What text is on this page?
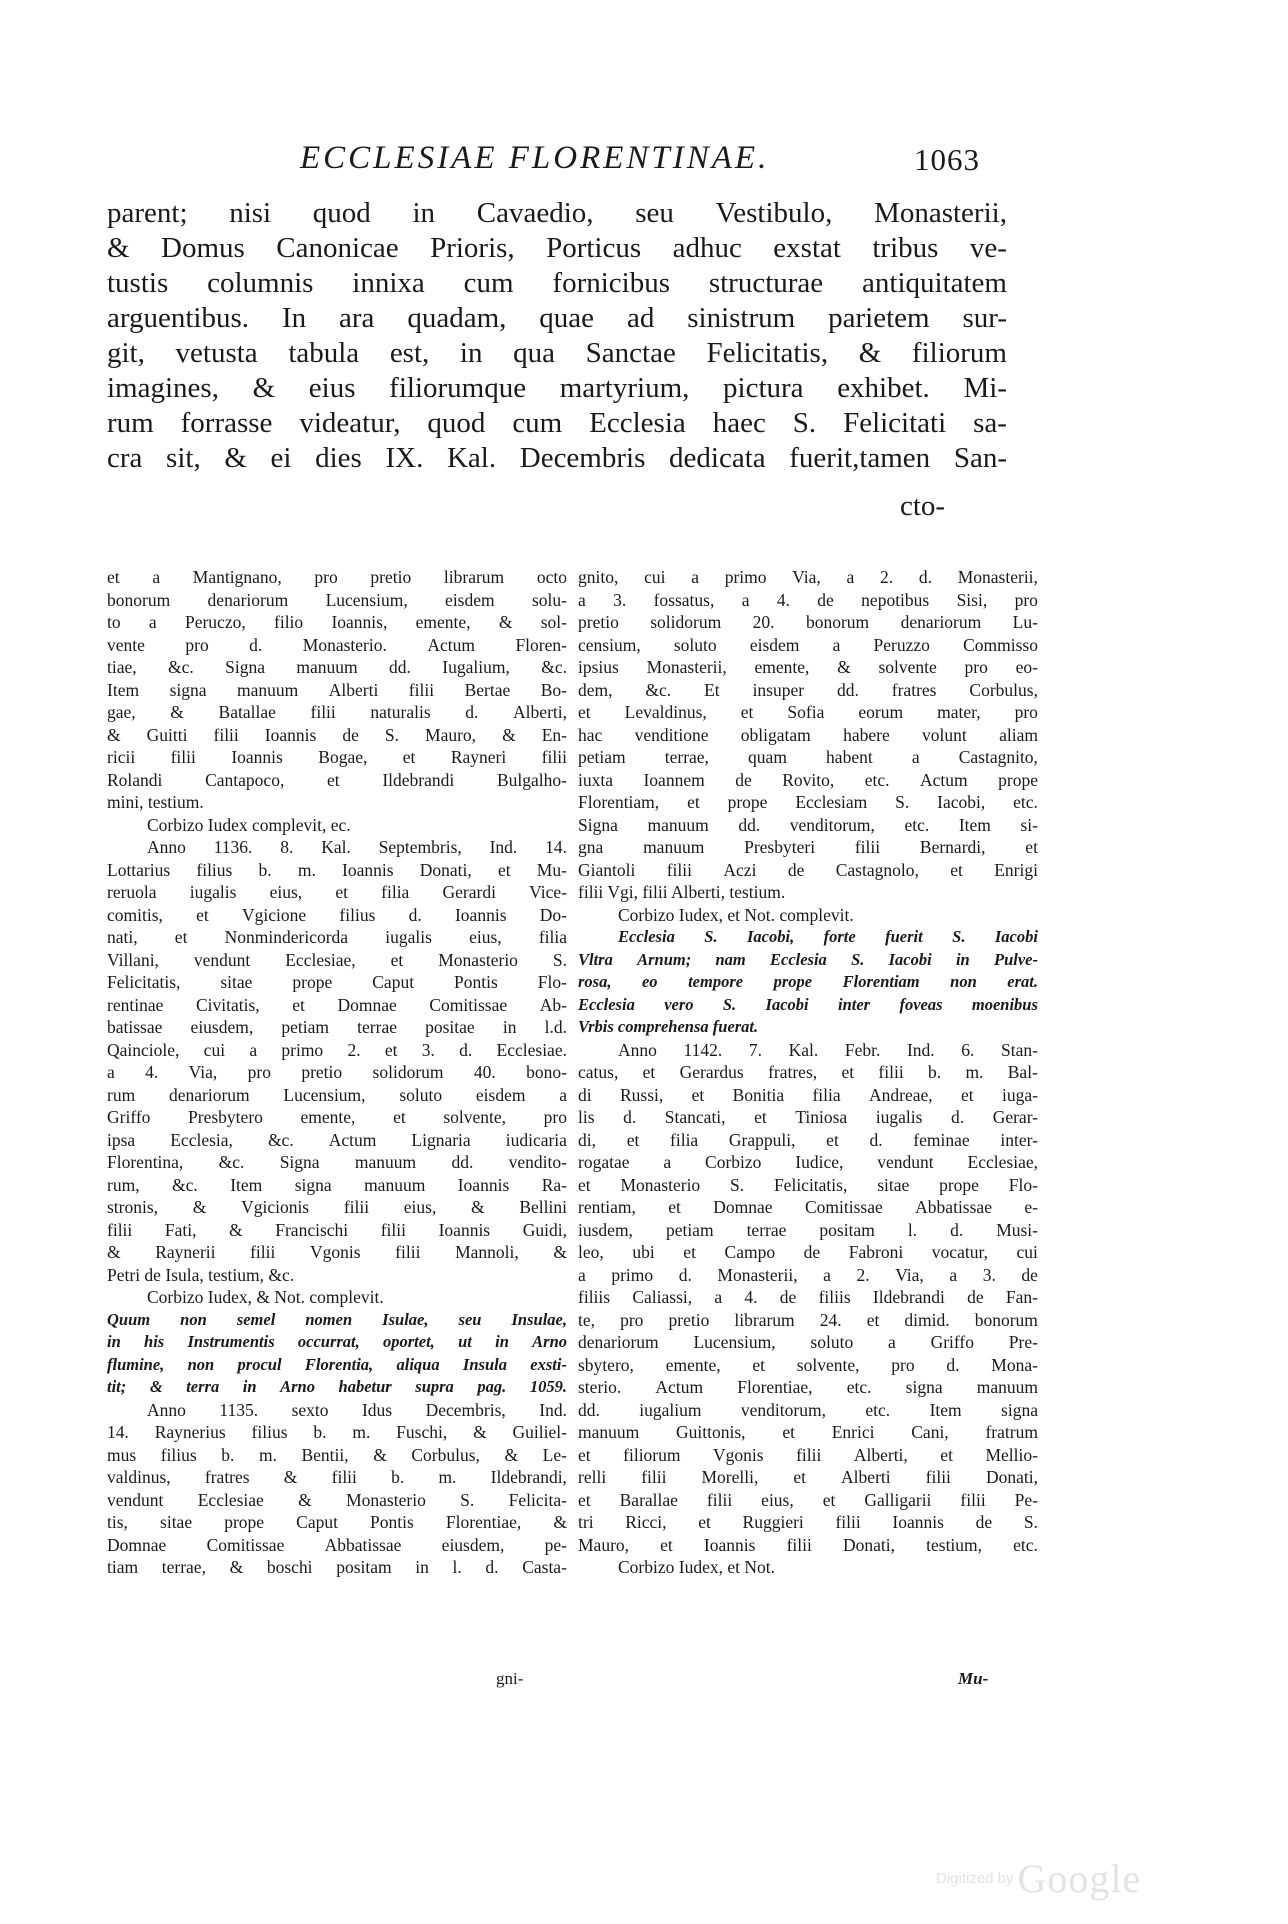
ECCLESIAE FLORENTINAE.	1063
parent; nisi quod in Cavaedio, seu Vestibulo, Monasterii,
& Domus Canonicae Prioris, Porticus adhuc exstat tribus ve-
tustis columnis innixa cum fornicibus structurae antiquitatem
arguentibus. In ara quadam, quae ad sinistrum parietem sur-
git, vetusta tabula est, in qua Sanctae Felicitatis, & filiorum
imagines, & eius filiorumque martyrium, pictura exhibet. Mi-
rum forrasse videatur, quod cum Ecclesia haec S. Felicitati sa-
cra sit, & ei dies IX. Kal. Decembris dedicata fuerit,tamen San-
cto-
et a Mantignano, pro pretio librarum octo
bonorum denariorum Lucensium, eisdem solu-
to a Peruczo, filio Ioannis, emente, & sol-
vente pro d. Monasterio. Actum Floren-
tiae, &c. Signa manuum dd. Iugalium, &c.
Item signa manuum Alberti filii Bertae Bo-
gae, & Batallae filii naturalis d. Alberti,
& Guitti filii Ioannis de S. Mauro, & En-
ricii filii Ioannis Bogae, et Rayneri filii
Rolandi Cantapoco, et Ildebrandi Bulgalho-
mini, testium.
Corbizo Iudex complevit, ec.
Anno 1136. 8. Kal. Septembris, Ind. 14.
Lottarius filius b. m. Ioannis Donati, et Mu-
reruola iugalis eius, et filia Gerardi Vice-
comitis, et Vgicione filius d. Ioannis Do-
nati, et Nonmindericorda iugalis eius, filia
Villani, vendunt Ecclesiae, et Monasterio S.
Felicitatis, sitae prope Caput Pontis Flo-
rentinae Civitatis, et Domnae Comitissae Ab-
batissae eiusdem, petiam terrae positae in l.d.
Qainciole, cui a primo 2. et 3. d. Ecclesiae.
a 4. Via, pro pretio solidorum 40. bono-
rum denariorum Lucensium, soluto eisdem a
Griffo Presbytero emente, et solvente, pro
ipsa Ecclesia, &c. Actum Lignaria iudicaria
Florentina, &c. Signa manuum dd. vendito-
rum, &c. Item signa manuum Ioannis Ra-
stronis, & Vgicionis filii eius, & Bellini
filii Fati, & Francischi filii Ioannis Guidi,
& Raynerii filii Vgonis filii Mannoli, &
Petri de Isula, testium, &c.
Corbizo Iudex, & Not. complevit.
Quum non semel nomen Isulae, seu Insulae,
in his Instrumentis occurrat, oportet, ut in Arno
flumine, non procul Florentia, aliqua Insula exsti-
tit; & terra in Arno habetur supra pag. 1059.
Anno 1135. sexto Idus Decembris, Ind.
14. Raynerius filius b. m. Fuschi, & Guiliel-
mus filius b. m. Bentii, & Corbulus, & Le-
valdinus, fratres & filii b. m. Ildebrandi,
vendunt Ecclesiae & Monasterio S. Felicita-
tis, sitae prope Caput Pontis Florentiae, &
Domnae Comitissae Abbatissae eiusdem, pe-
tiam terrae, & boschi positam in l. d. Casta-
gni-
gnito, cui a primo Via, a 2. d. Monasterii,
a 3. fossatus, a 4. de nepotibus Sisi, pro
pretio solidorum 20. bonorum denariorum Lu-
censium, soluto eisdem a Peruzzo Commisso
ipsius Monasterii, emente, & solvente pro eo-
dem, &c. Et insuper dd. fratres Corbulus,
et Levaldinus, et Sofia eorum mater, pro
hac venditione obligatam habere volunt aliam
petiam terrae, quam habent a Castagnito,
iuxta Ioannem de Rovito, etc. Actum prope
Florentiam, et prope Ecclesiam S. Iacobi, etc.
Signa manuum dd. venditorum, etc. Item si-
gna manuum Presbyteri filii Bernardi, et
Giantoli filii Aczi de Castagnolo, et Enrigi
filii Vgi, filii Alberti, testium.
Corbizo Iudex, et Not. complevit.
Ecclesia S. Iacobi, forte fuerit S. Iacobi
Vltra Arnum; nam Ecclesia S. Iacobi in Pulve-
rosa, eo tempore prope Florentiam non erat.
Ecclesia vero S. Iacobi inter foveas moenibus
Vrbis comprehensa fuerat.
Anno 1142. 7. Kal. Febr. Ind. 6. Stan-
catus, et Gerardus fratres, et filii b. m. Bal-
di Russi, et Bonitia filia Andreae, et iuga-
lis d. Stancati, et Tiniosa iugalis d. Gerar-
di, et filia Grappuli, et d. feminae inter-
rogatae a Corbizo Iudice, vendunt Ecclesiae,
et Monasterio S. Felicitatis, sitae prope Flo-
rentiam, et Domnae Comitissae Abbatissae e-
iusdem, petiam terrae positam l. d. Musi-
leo, ubi et Campo de Fabroni vocatur, cui
a primo d. Monasterii, a 2. Via, a 3. de
filiis Caliassi, a 4. de filiis Ildebrandi de Fan-
te, pro pretio librarum 24. et dimid. bonorum
denariorum Lucensium, soluto a Griffo Pre-
sbytero, emente, et solvente, pro d. Mona-
sterio. Actum Florentiae, etc. signa manuum
dd. iugalium venditorum, etc. Item signa
manuum Guittonis, et Enrici Cani, fratrum
et filiorum Vgonis filii Alberti, et Mellio-
relli filii Morelli, et Alberti filii Donati,
et Barallae filii eius, et Galligarii filii Pe-
tri Ricci, et Ruggieri filii Ioannis de S.
Mauro, et Ioannis filii Donati, testium, etc.
Corbizo Iudex, et Not.
Mu-
Digitized by Google
